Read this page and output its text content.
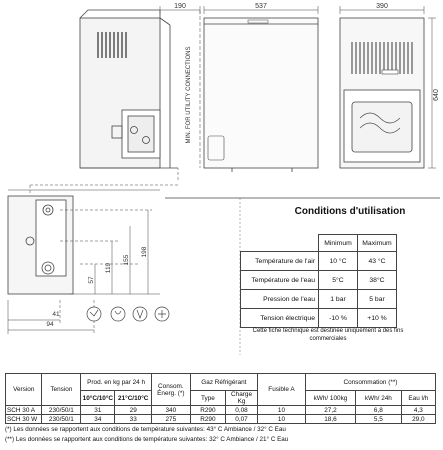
190	537	390
640
MIN. FOR UTILITY CONNECTIONS
41
94
57
119
155
198
Conditions d'utilisation
	Minimum	Maximum
Température de l'air	10 °C	43 °C
Température de l'eau	5°C	38°C
Pression de l'eau	1 bar	5 bar
Tension électrique	-10 %	+10 %
Cette fiche technique est destinée uniquement à des fins commerciales
Version	Tension	Prod. en kg par 24 h		Consom. Énerg. (*)	Gaz Réfrigérant		Fusible A	Consommation (**)		
		10°C/10°C	21°C/10°C		Type	Charge Kg		kWh/ 100kg	kWh/ 24h	Eau l/h
SCH 30 A	230/50/1	31	29	340	R290	0,08	10	27,2	6,8	4,3
SCH 30 W	230/50/1	34	33	275	R290	0,07	10	18,6	5,5	29,0
(*) Les données se rapportent aux conditions de température suivantes: 43° C Ambiance / 32° C Eau
(**) Les données se rapportent aux conditions de température suivantes: 32° C Ambiance / 21° C Eau
